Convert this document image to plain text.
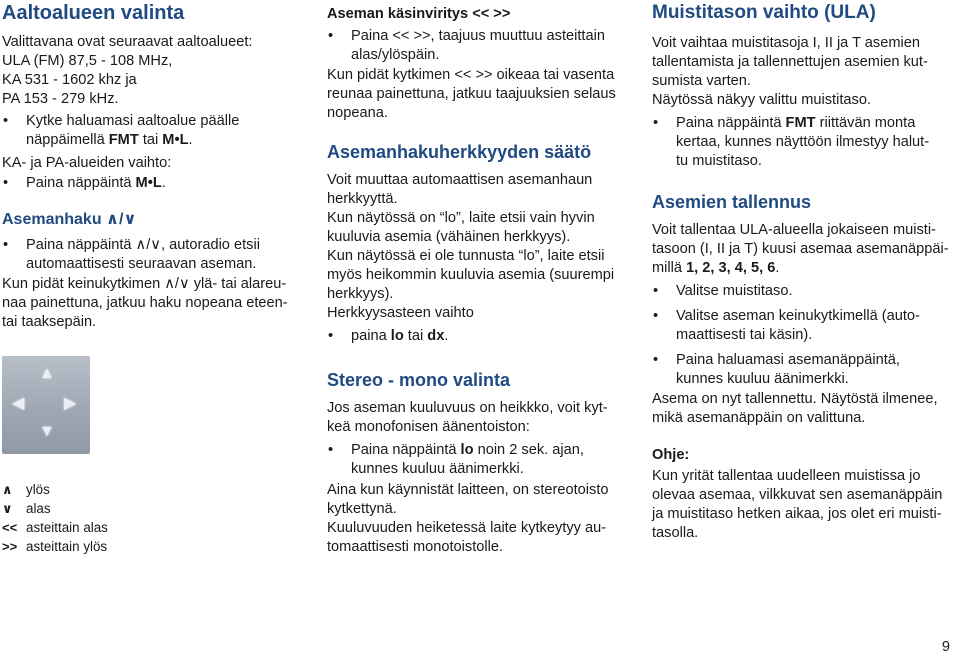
Aaltoalueen valinta

Valittavana ovat seuraavat aaltoalueet:

ULA (FM) 87,5 - 108 MHz,

KA 531 - 1602 khz ja

PA 153 - 279 kHz.

• Kytke haluamasi aaltoalue päälle
näppäimellä FMT tai M•L.

KA- ja PA-alueiden vaihto:

• Paina näppäintä M•L.
Asemanhaku ∧/∨
• Paina näppäintä ∧/∨, autoradio etsii
automaattisesti seuraavan aseman.

Kun pidät keinukytkimen ∧/∨ ylä- tai alareu-

naa painettuna, jatkuu haku nopeana eteen-

tai taaksepäin.

▲
▼
◀ ▶
∧	ylös
∨	alas
<< asteittain alas
>> asteittain ylös
Aseman käsinviritys << >>
• Paina << >>, taajuus muuttuu asteittain
alas/ylöspäin.

Kun pidät kytkimen << >> oikeaa tai vasenta

reunaa painettuna, jatkuu taajuuksien selaus

nopeana.

Asemanhakuherkkyyden säätö

Voit muuttaa automaattisen asemanhaun

herkkyyttä.

Kun näytössä on “lo”, laite etsii vain hyvin

kuuluvia asemia (vähäinen herkkyys).

Kun näytössä ei ole tunnusta “lo”, laite etsii

myös heikommin kuuluvia asemia (suurempi

herkkyys).

Herkkyysasteen vaihto

• paina lo tai dx.
Stereo - mono valinta

Jos aseman kuuluvuus on heikkko, voit kyt-

keä monofonisen äänentoiston:

• Paina näppäintä lo noin 2 sek. ajan,
kunnes kuuluu äänimerkki.

Aina kun käynnistät laitteen, on stereotoisto

kytkettynä.

Kuuluvuuden heiketessä laite kytkeytyy au-

tomaattisesti monotoistolle.

Muistitason vaihto (ULA)

Voit vaihtaa muistitasoja I, II ja T asemien

tallentamista ja tallennettujen asemien kut-

sumista varten.

Näytössä näkyy valittu muistitaso.

• Paina näppäintä FMT riittävän monta
kertaa, kunnes näyttöön ilmestyy halut-
tu muistitaso.
Asemien tallennus

Voit tallentaa ULA-alueella jokaiseen muisti-

tasoon (I, II ja T) kuusi asemaa asemanäppäi-

millä 1, 2, 3, 4, 5, 6.

• Valitse muistitaso.
• Valitse aseman keinukytkimellä (auto-
maattisesti tai käsin).
• Paina haluamasi asemanäppäintä,
kunnes kuuluu äänimerkki.

Asema on nyt tallennettu. Näytöstä ilmenee,

mikä asemanäppäin on valittuna.

Ohje:

Kun yrität tallentaa uudelleen muistissa jo

olevaa asemaa, vilkkuvat sen asemanäppäin

ja muistitaso hetken aikaa, jos olet eri muisti-

tasolla.

9
